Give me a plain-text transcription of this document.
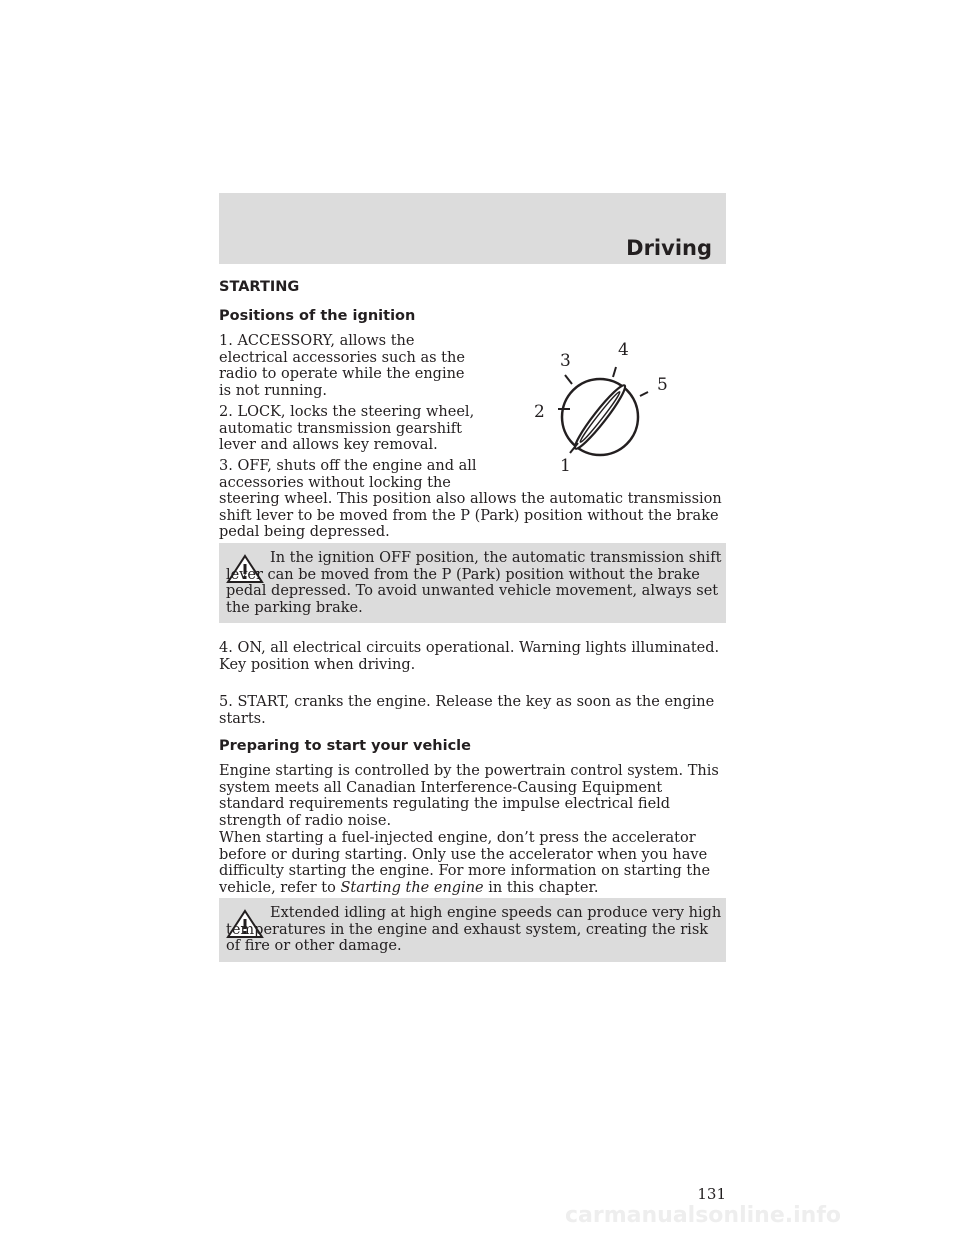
Driving
STARTING
Positions of the ignition

1. ACCESSORY, allows the electrical accessories such as the radio to operate while the engine is not running.

2. LOCK, locks the steering wheel, automatic transmission gearshift lever and allows key removal.

3. OFF, shuts off the engine and all accessories without locking the

steering wheel. This position also allows the automatic transmission shift lever to be moved from the P (Park) position without the brake pedal being depressed.

1
2
3
4
5

In the ignition OFF position, the automatic transmission shift lever can be moved from the P (Park) position without the brake pedal depressed. To avoid unwanted vehicle movement, always set the parking brake.

4. ON, all electrical circuits operational. Warning lights illuminated. Key position when driving.

5. START, cranks the engine. Release the key as soon as the engine starts.

Preparing to start your vehicle

Engine starting is controlled by the powertrain control system. This system meets all Canadian Interference-Causing Equipment standard requirements regulating the impulse electrical field strength of radio noise.

When starting a fuel-injected engine, don’t press the accelerator before or during starting. Only use the accelerator when you have difficulty starting the engine. For more information on starting the vehicle, refer to Starting the engine in this chapter.

Extended idling at high engine speeds can produce very high temperatures in the engine and exhaust system, creating the risk of fire or other damage.

131
carmanualsonline.info
